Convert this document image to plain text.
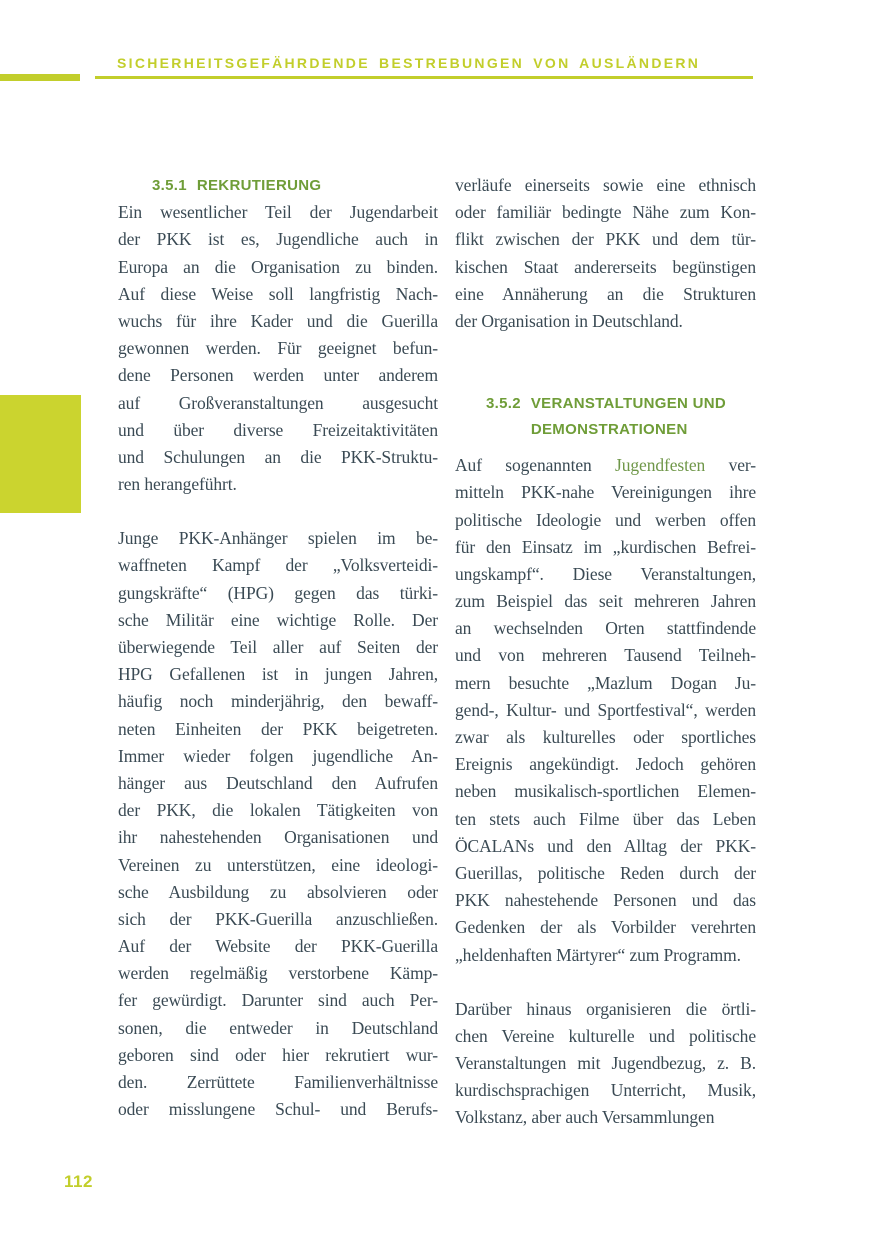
SICHERHEITSGEFÄHRDENDE BESTREBUNGEN VON AUSLÄNDERN
3.5.1 REKRUTIERUNG
Ein wesentlicher Teil der Jugendarbeit
der PKK ist es, Jugendliche auch in
Europa an die Organisation zu binden.
Auf diese Weise soll langfristig Nach-
wuchs für ihre Kader und die Guerilla
gewonnen werden. Für geeignet befun-
dene Personen werden unter anderem
auf Großveranstaltungen ausgesucht
und über diverse Freizeitaktivitäten
und Schulungen an die PKK-Struktu-
ren herangeführt.
Junge PKK-Anhänger spielen im be-
waffneten Kampf der „Volksverteidi-
gungskräfte“ (HPG) gegen das türki-
sche Militär eine wichtige Rolle. Der
überwiegende Teil aller auf Seiten der
HPG Gefallenen ist in jungen Jahren,
häufig noch minderjährig, den bewaff-
neten Einheiten der PKK beigetreten.
Immer wieder folgen jugendliche An-
hänger aus Deutschland den Aufrufen
der PKK, die lokalen Tätigkeiten von
ihr nahestehenden Organisationen und
Vereinen zu unterstützen, eine ideologi-
sche Ausbildung zu absolvieren oder
sich der PKK-Guerilla anzuschließen.
Auf der Website der PKK-Guerilla
werden regelmäßig verstorbene Kämp-
fer gewürdigt. Darunter sind auch Per-
sonen, die entweder in Deutschland
geboren sind oder hier rekrutiert wur-
den. Zerrüttete Familienverhältnisse
oder misslungene Schul- und Berufs-
verläufe einerseits sowie eine ethnisch
oder familiär bedingte Nähe zum Kon-
flikt zwischen der PKK und dem tür-
kischen Staat andererseits begünstigen
eine Annäherung an die Strukturen
der Organisation in Deutschland.
3.5.2 VERANSTALTUNGEN UND
DEMONSTRATIONEN
Auf sogenannten Jugendfesten ver-
mitteln PKK-nahe Vereinigungen ihre
politische Ideologie und werben offen
für den Einsatz im „kurdischen Befrei-
ungskampf“. Diese Veranstaltungen,
zum Beispiel das seit mehreren Jahren
an wechselnden Orten stattfindende
und von mehreren Tausend Teilneh-
mern besuchte „Mazlum Dogan Ju-
gend-, Kultur- und Sportfestival“, werden
zwar als kulturelles oder sportliches
Ereignis angekündigt. Jedoch gehören
neben musikalisch-sportlichen Elemen-
ten stets auch Filme über das Leben
ÖCALANs und den Alltag der PKK-
Guerillas, politische Reden durch der
PKK nahestehende Personen und das
Gedenken der als Vorbilder verehrten
„heldenhaften Märtyrer“ zum Programm.
Darüber hinaus organisieren die örtli-
chen Vereine kulturelle und politische
Veranstaltungen mit Jugendbezug, z. B.
kurdischsprachigen Unterricht, Musik,
Volkstanz, aber auch Versammlungen
112
